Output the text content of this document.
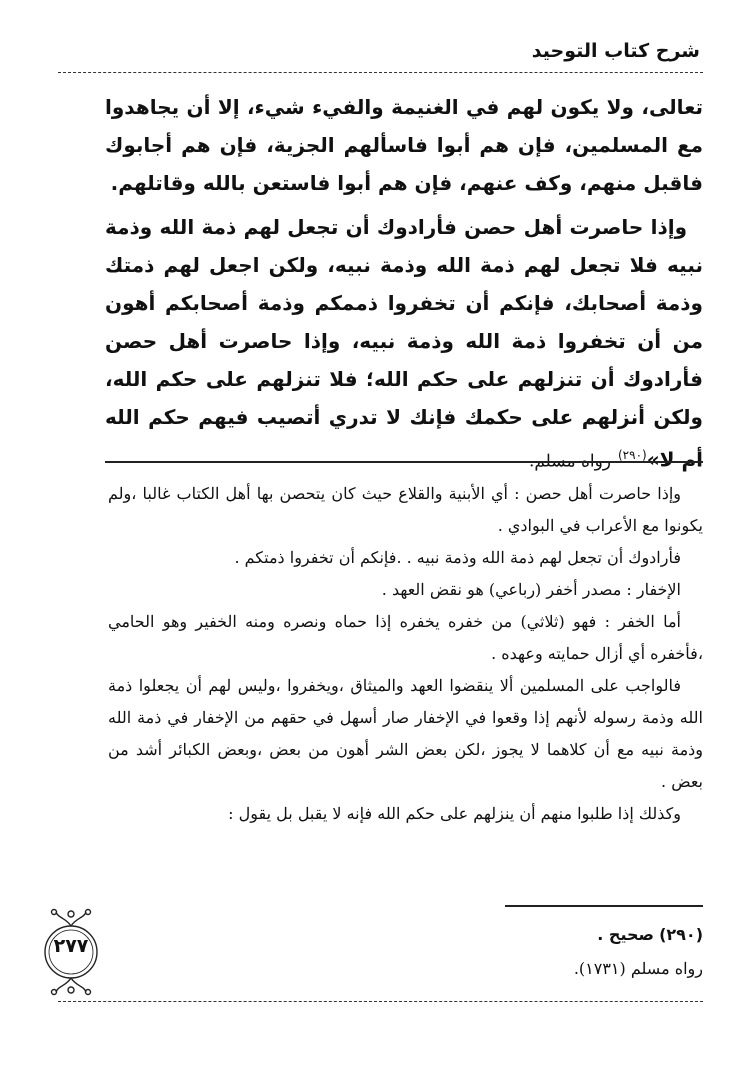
شرح كتاب التوحيد

تعالى، ولا يكون لهم في الغنيمة والفيء شيء، إلا أن يجاهدوا مع المسلمين، فإن هم أبوا فاسألهم الجزية، فإن هم أجابوك فاقبل منهم، وكف عنهم، فإن هم أبوا فاستعن بالله وقاتلهم.

وإذا حاصرت أهل حصن فأرادوك أن تجعل لهم ذمة الله وذمة نبيه فلا تجعل لهم ذمة الله وذمة نبيه، ولكن اجعل لهم ذمتك وذمة أصحابك، فإنكم أن تخفروا ذممكم وذمة أصحابكم أهون من أن تخفروا ذمة الله وذمة نبيه، وإذا حاصرت أهل حصن فأرادوك أن تنزلهم على حكم الله؛ فلا تنزلهم على حكم الله، ولكن أنزلهم على حكمك فإنك لا تدري أتصيب فيهم حكم الله أم لا»$^{(٢٩٠)}$ رواه مسلم.

وإذا حاصرت أهل حصن : أي الأبنية والقلاع حيث كان يتحصن بها أهل الكتاب غالبا ،ولم يكونوا مع الأعراب في البوادي .

فأرادوك أن تجعل لهم ذمة الله وذمة نبيه . .فإنكم أن تخفروا ذمتكم .

الإخفار : مصدر أخفر (رباعي) هو نقض العهد .

أما الخفر : فهو (ثلاثي) من خفره يخفره إذا حماه ونصره ومنه الخفير وهو الحامي ،فأخفره أي أزال حمايته وعهده .

فالواجب على المسلمين ألا ينقضوا العهد والميثاق ،ويخفروا ،وليس لهم أن يجعلوا ذمة الله وذمة رسوله لأنهم إذا وقعوا في الإخفار صار أسهل في حقهم من الإخفار في ذمة الله وذمة نبيه مع أن كلاهما لا يجوز ،لكن بعض الشر أهون من بعض ،وبعض الكبائر أشد من بعض .

وكذلك إذا طلبوا منهم أن ينزلهم على حكم الله فإنه لا يقبل بل يقول :

(٢٩٠) صحيح .
رواه مسلم (١٧٣١).
٢٧٧
